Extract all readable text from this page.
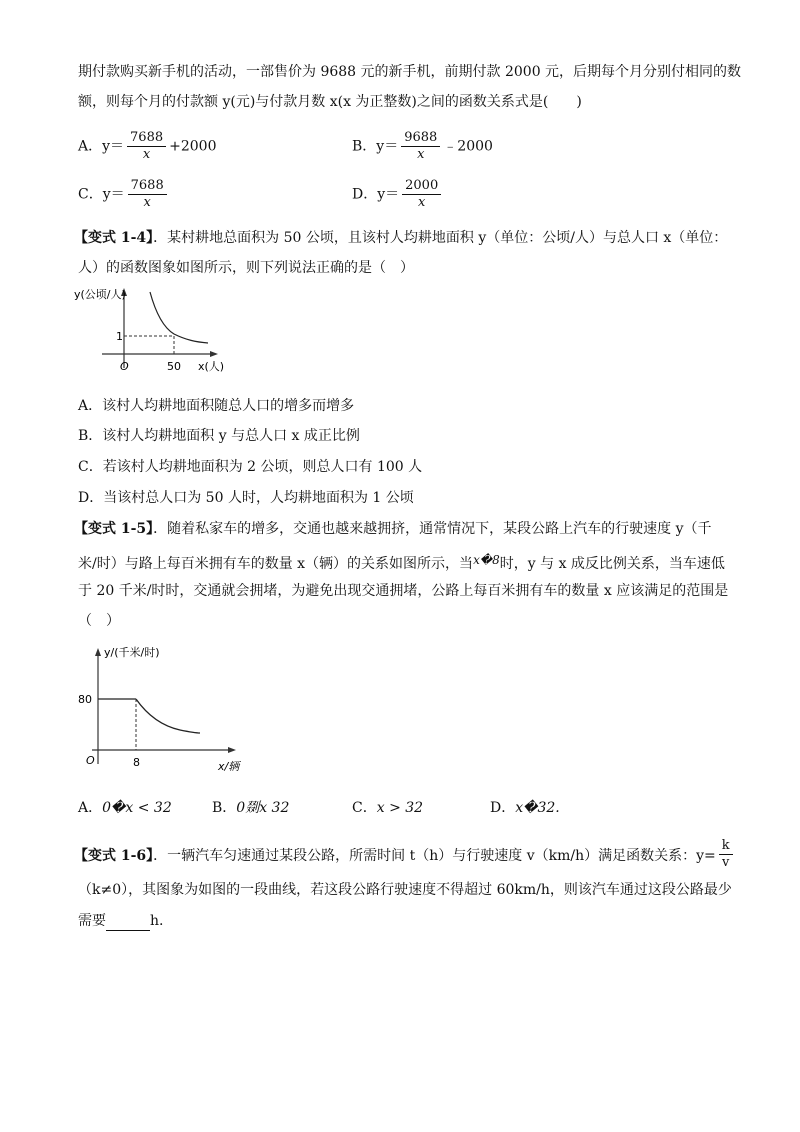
期付款购买新手机的活动，一部售价为 9688 元的新手机，前期付款 2000 元，后期每个月分别付相同的数
额，则每个月的付款额 y(元)与付款月数 x(x 为正整数)之间的函数关系式是(　　)
A．$y= \frac{7688}{x} +2000$	B．$y= \frac{9688}{x}$ ﹣2000
C．$y= \frac{7688}{x}$	D．$y= \frac{2000}{x}$
【变式 1-4】．某村耕地总面积为 50 公顷，且该村人均耕地面积 y（单位：公顷/人）与总人口 x（单位：
人）的函数图象如图所示，则下列说法正确的是（　）
y(公顷/人)
1
50 x(人)
O
A．该村人均耕地面积随总人口的增多而增多
B．该村人均耕地面积 y 与总人口 x 成正比例
C．若该村人均耕地面积为 2 公顷，则总人口有 100 人
D．当该村总人口为 50 人时，人均耕地面积为 1 公顷
【变式 1-5】．随着私家车的增多，交通也越来越拥挤，通常情况下，某段公路上汽车的行驶速度 y（千
米/时）与路上每百米拥有车的数量 x（辆）的关系如图所示，当x�8时，y 与 x 成反比例关系，当车速低
于 20 千米/时时，交通就会拥堵，为避免出现交通拥堵，公路上每百米拥有车的数量 x 应该满足的范围是
（　）
y/(千米/时)
80
8	x/辆
O
A．0�x < 32	B．0剟x 32	C．x > 32	D．x�32.
【变式 1-6】．一辆汽车匀速通过某段公路，所需时间 t（h）与行驶速度 v（km/h）满足函数关系：$y= \frac{k}{v}$
（k≠0），其图象为如图的一段曲线，若这段公路行驶速度不得超过 60km/h，则该汽车通过这段公路最少
需要	h.
